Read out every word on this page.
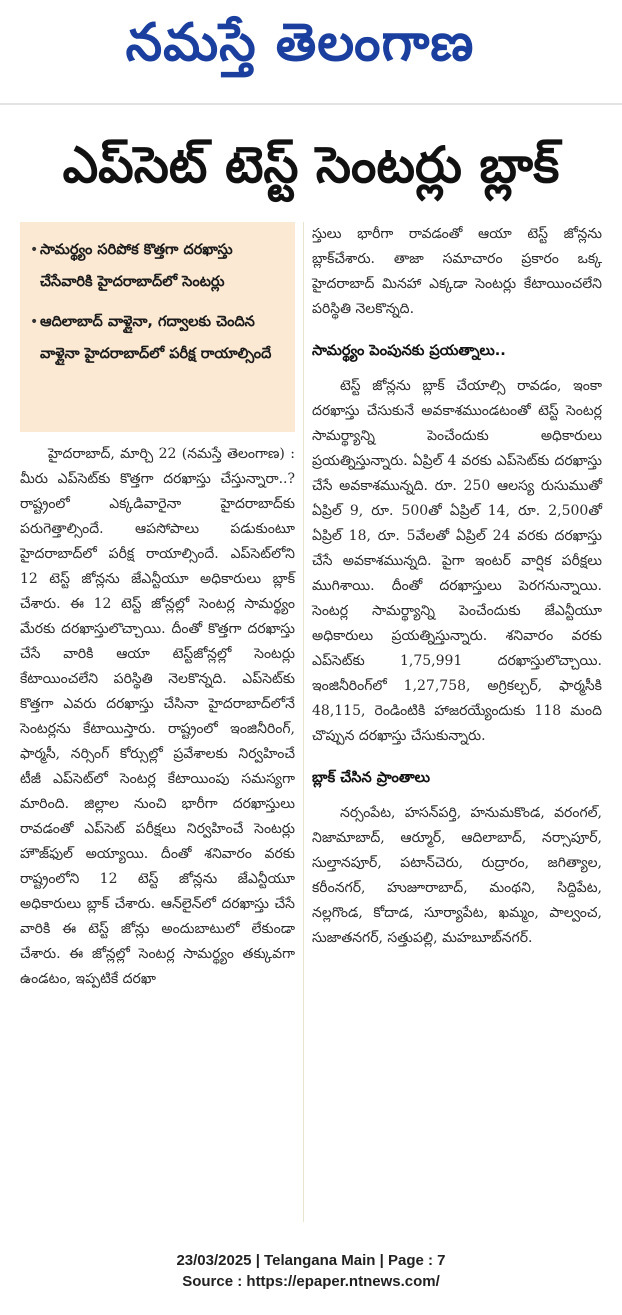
నమస్తే తెలంగాణ
ఎప్‌సెట్ టెస్ట్ సెంటర్లు బ్లాక్
• సామర్థ్యం సరిపోక కొత్తగా దరఖాస్తు చేసేవారికి హైదరాబాద్‌లో సెంటర్లు
• ఆదిలాబాద్ వాళ్లైనా, గద్వాలకు చెందిన వాళ్లైనా హైదరాబాద్‌లో పరీక్ష రాయాల్సిందే

హైదరాబాద్, మార్చి 22 (నమస్తే తెలంగాణ) : మీరు ఎప్‌సెట్‌కు కొత్తగా దరఖాస్తు చేస్తున్నారా..? రాష్ట్రంలో ఎక్కడివారైనా హైదరాబాద్‌కు పరుగెత్తాల్సిందే. ఆపసోపాలు పడుకుంటూ హైదరాబాద్‌లో పరీక్ష రాయాల్సిందే. ఎప్‌సెట్‌లోని 12 టెస్ట్ జోన్లను జేఎన్టీయూ అధికారులు బ్లాక్ చేశారు. ఈ 12 టెస్ట్ జోన్లల్లో సెంటర్ల సామర్థ్యం మేరకు దరఖాస్తులొచ్చాయి. దీంతో కొత్తగా దరఖాస్తు చేసే వారికి ఆయా టెస్ట్‌జోన్లల్లో సెంటర్లు కేటాయించలేని పరిస్థితి నెలకొన్నది. ఎప్‌సెట్‌కు కొత్తగా ఎవరు దరఖాస్తు చేసినా హైదరాబాద్‌లోనే సెంటర్లను కేటాయిస్తారు. రాష్ట్రంలో ఇంజినీరింగ్, ఫార్మసీ, నర్సింగ్ కోర్సుల్లో ప్రవేశాలకు నిర్వహించే టీజీ ఎప్‌సెట్‌లో సెంటర్ల కేటాయింపు సమస్యగా మారింది. జిల్లాల నుంచి భారీగా దరఖాస్తులు రావడంతో ఎప్‌సెట్ పరీక్షలు నిర్వహించే సెంటర్లు హౌజ్‌ఫుల్ అయ్యాయి. దీంతో శనివారం వరకు రాష్ట్రంలోని 12 టెస్ట్ జోన్లను జేఎన్టీయూ అధికారులు బ్లాక్ చేశారు. ఆన్‌లైన్‌లో దరఖాస్తు చేసే వారికి ఈ టెస్ట్ జోన్లు అందుబాటులో లేకుండా చేశారు. ఈ జోన్లల్లో సెంటర్ల సామర్థ్యం తక్కువగా ఉండటం, ఇప్పటికే దరఖా

స్తులు భారీగా రావడంతో ఆయా టెస్ట్ జోన్లను బ్లాక్‌చేశారు. తాజా సమాచారం ప్రకారం ఒక్క హైదరాబాద్ మినహా ఎక్కడా సెంటర్లు కేటాయించలేని పరిస్థితి నెలకొన్నది.

సామర్థ్యం పెంపునకు ప్రయత్నాలు..

టెస్ట్ జోన్లను బ్లాక్ చేయాల్సి రావడం, ఇంకా దరఖాస్తు చేసుకునే అవకాశముండటంతో టెస్ట్ సెంటర్ల సామర్థ్యాన్ని పెంచేందుకు అధికారులు ప్రయత్నిస్తున్నారు. ఏప్రిల్ 4 వరకు ఎప్‌సెట్‌కు దరఖాస్తు చేసే అవకాశమున్నది. రూ. 250 ఆలస్య రుసుముతో ఏప్రిల్ 9, రూ. 500తో ఏప్రిల్ 14, రూ. 2,500తో ఏప్రిల్ 18, రూ. 5వేలతో ఏప్రిల్ 24 వరకు దరఖాస్తు చేసే అవకాశమున్నది. పైగా ఇంటర్ వార్షిక పరీక్షలు ముగిశాయి. దీంతో దరఖాస్తులు పెరగనున్నాయి. సెంటర్ల సామర్థ్యాన్ని పెంచేందుకు జేఎన్టీయూ అధికారులు ప్రయత్నిస్తున్నారు. శనివారం వరకు ఎప్‌సెట్‌కు 1,75,991 దరఖాస్తులొచ్చాయి. ఇంజినీరింగ్‌లో 1,27,758, అగ్రికల్చర్, ఫార్మసీకి 48,115, రెండింటికి హాజరయ్యేందుకు 118 మంది చొప్పున దరఖాస్తు చేసుకున్నారు.

బ్లాక్ చేసిన ప్రాంతాలు

నర్సంపేట, హసన్‌పర్తి, హనుమకొండ, వరంగల్, నిజామాబాద్, ఆర్మూర్, ఆదిలాబాద్, నర్సాపూర్, సుల్తానపూర్, పటాన్‌చెరు, రుద్రారం, జగిత్యాల, కరీంనగర్, హుజూరాబాద్, మంథని, సిద్దిపేట, నల్లగొండ, కోదాడ, సూర్యాపేట, ఖమ్మం, పాల్వంచ, సుజాతనగర్, సత్తుపల్లి, మహబూబ్‌నగర్.

23/03/2025 | Telangana Main | Page : 7
Source : https://epaper.ntnews.com/
